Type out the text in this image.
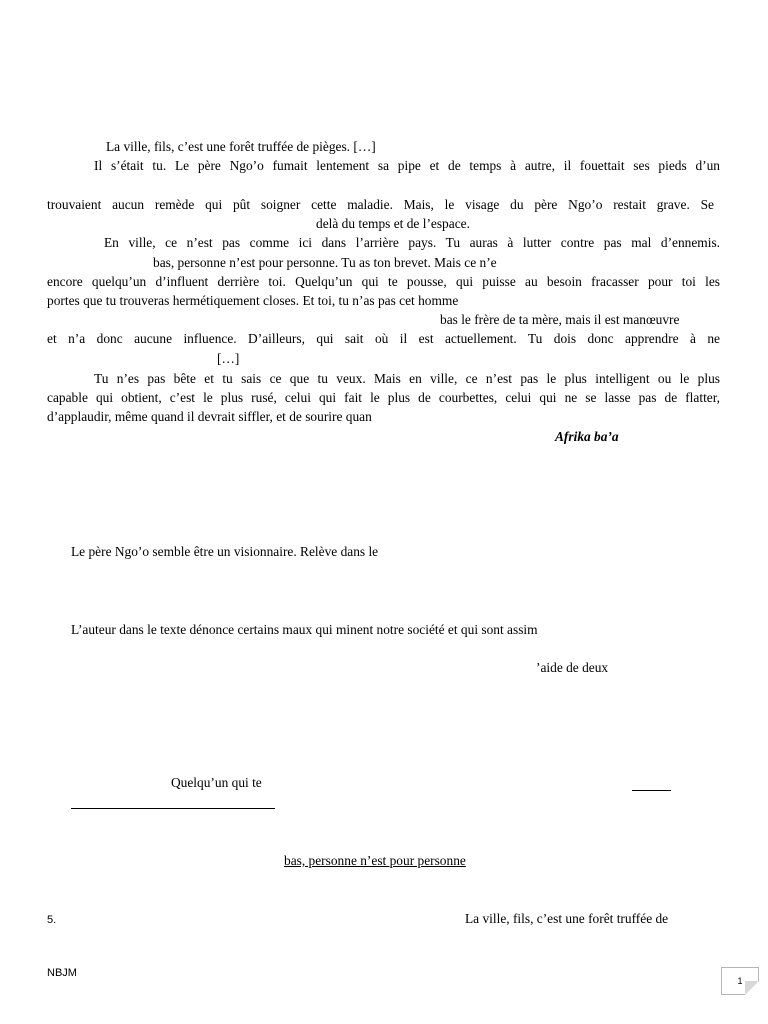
La ville, fils, c’est une forêt truffée de pièges. […]
Il s’était tu. Le père Ngo’o fumait lentement sa pipe et de temps à autre, il fouettait ses pieds d’un
trouvaient aucun remède qui pût soigner cette maladie. Mais, le visage du père Ngo’o restait grave. Se
delà du temps et de l’espace.
En ville, ce n’est pas comme ici dans l’arrière pays. Tu auras à lutter contre pas mal d’ennemis.
bas, personne n’est pour personne. Tu as ton brevet. Mais ce n’e
encore quelqu’un d’influent derrière toi. Quelqu’un qui te pousse, qui puisse au besoin fracasser pour toi les
portes que tu trouveras hermétiquement closes. Et toi, tu n’as pas cet homme
bas le frère de ta mère, mais il est manœuvre
et n’a donc aucune influence. D’ailleurs, qui sait où il est actuellement. Tu dois donc apprendre à ne
[…]
Tu n’es pas bête et tu sais ce que tu veux. Mais en ville, ce n’est pas le plus intelligent ou le plus
capable qui obtient, c’est le plus rusé, celui qui fait le plus de courbettes, celui qui ne se lasse pas de flatter,
d’applaudir, même quand il devrait siffler, et de sourire quan
Afrika ba’a
Le père Ngo’o semble être un visionnaire. Relève dans le
L’auteur dans le texte dénonce certains maux qui minent notre société et qui sont assim
’aide de deux
Quelqu’un qui te
bas, personne n’est pour personne
5.	La ville, fils, c’est une forêt truffée de
NBJM
1
